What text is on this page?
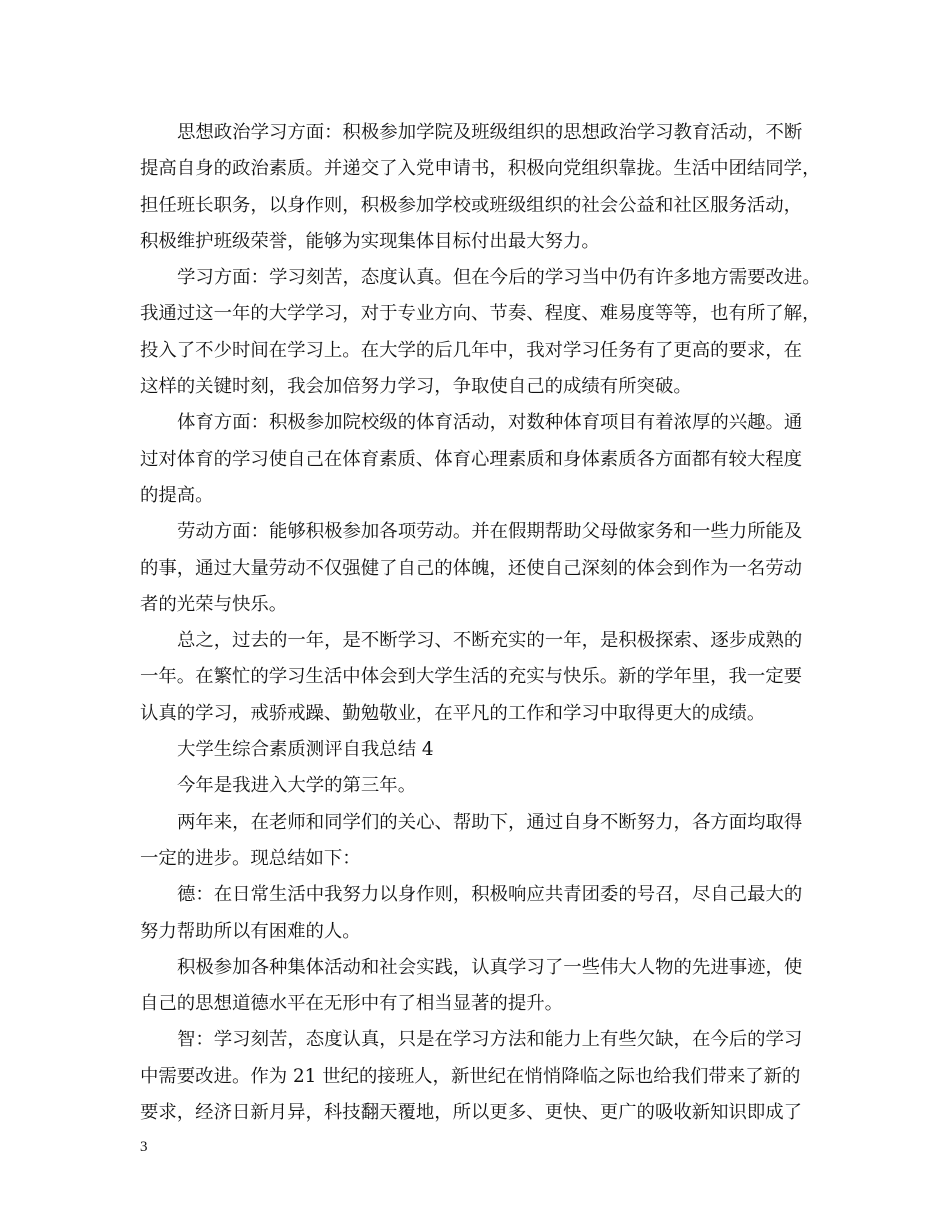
思想政治学习方面：积极参加学院及班级组织的思想政治学习教育活动，不断
提高自身的政治素质。并递交了入党申请书，积极向党组织靠拢。生活中团结同学，
担任班长职务，以身作则，积极参加学校或班级组织的社会公益和社区服务活动，
积极维护班级荣誉，能够为实现集体目标付出最大努力。
学习方面：学习刻苦，态度认真。但在今后的学习当中仍有许多地方需要改进。
我通过这一年的大学学习，对于专业方向、节奏、程度、难易度等等，也有所了解，
投入了不少时间在学习上。在大学的后几年中，我对学习任务有了更高的要求，在
这样的关键时刻，我会加倍努力学习，争取使自己的成绩有所突破。
体育方面：积极参加院校级的体育活动，对数种体育项目有着浓厚的兴趣。通
过对体育的学习使自己在体育素质、体育心理素质和身体素质各方面都有较大程度
的提高。
劳动方面：能够积极参加各项劳动。并在假期帮助父母做家务和一些力所能及
的事，通过大量劳动不仅强健了自己的体魄，还使自己深刻的体会到作为一名劳动
者的光荣与快乐。
总之，过去的一年，是不断学习、不断充实的一年，是积极探索、逐步成熟的
一年。在繁忙的学习生活中体会到大学生活的充实与快乐。新的学年里，我一定要
认真的学习，戒骄戒躁、勤勉敬业，在平凡的工作和学习中取得更大的成绩。
大学生综合素质测评自我总结 4
今年是我进入大学的第三年。
两年来，在老师和同学们的关心、帮助下，通过自身不断努力，各方面均取得
一定的进步。现总结如下：
德：在日常生活中我努力以身作则，积极响应共青团委的号召，尽自己最大的
努力帮助所以有困难的人。
积极参加各种集体活动和社会实践，认真学习了一些伟大人物的先进事迹，使
自己的思想道德水平在无形中有了相当显著的提升。
智：学习刻苦，态度认真，只是在学习方法和能力上有些欠缺，在今后的学习
中需要改进。作为 21 世纪的接班人，新世纪在悄悄降临之际也给我们带来了新的
要求，经济日新月异，科技翻天覆地，所以更多、更快、更广的吸收新知识即成了
3
